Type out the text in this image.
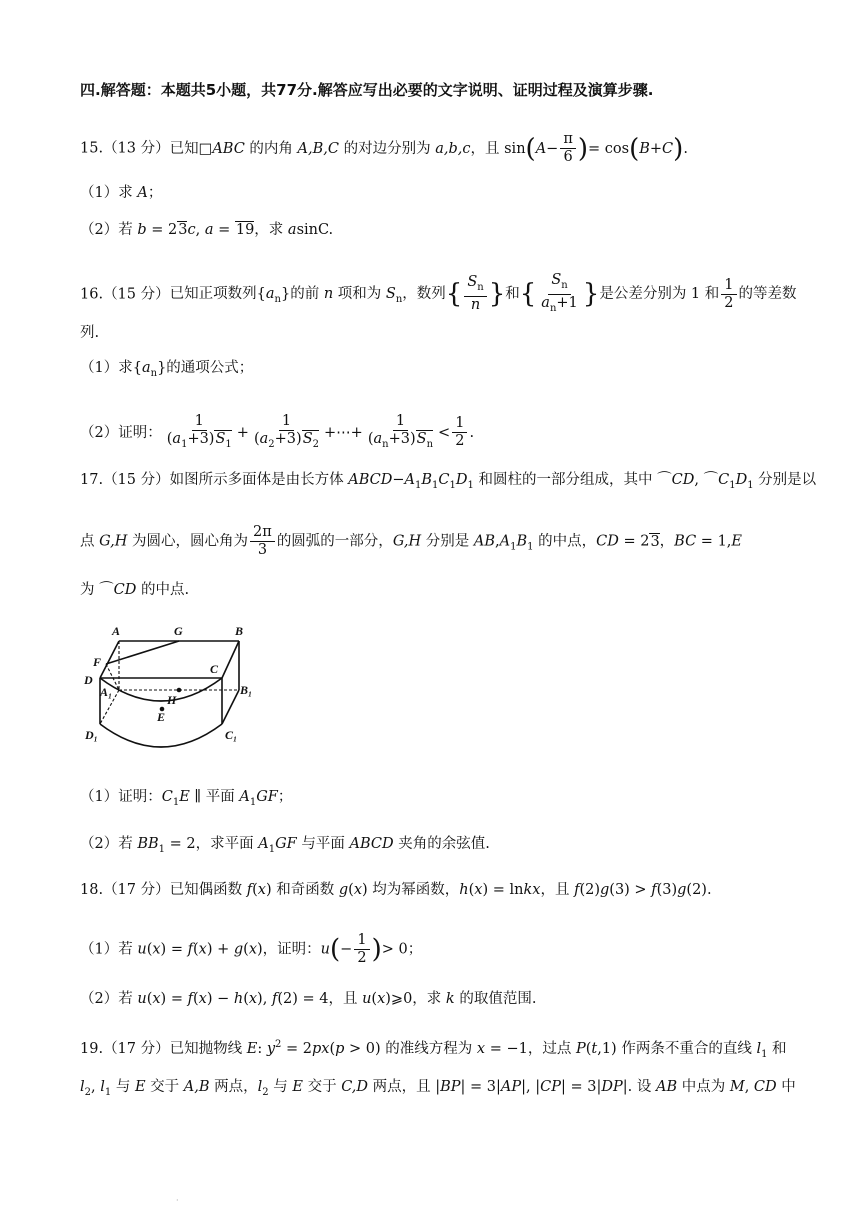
四.解答题：本题共5小题，共77分.解答应写出必要的文字说明、证明过程及演算步骤.
15.（13 分）已知□ABC 的内角 A,B,C 的对边分别为 a,b,c，且 $\sin(A- \frac{\pi}{6}$ )= cos(B+C).
（1）求 A；
（2）若 b = 23c, a = 19，求 asinC.
16.（15 分）已知正项数列$\{a_n\}$的前 n 项和为 $S_n$，数列{ $\frac{S_n}{n}$ }和{ $\frac{S_n}{a_n+1}$ }是公差分别为 1 和 $\frac{1}{2}$ 的等差数
列.
（1）求$\{a_n\}$的通项公式；
（2）证明： $\frac{1}{(a_1+3)S_1} + \frac{1}{(a_2+3)S_2}$ +⋯+ $\frac{1}{(a_n+3)S_n} < \frac{1}{2}$ .
17.（15 分）如图所示多面体是由长方体 $ABCD-A_1B_1C_1D_1$ 和圆柱的一部分组成，其中 ⌒CD, $⌒C_1D_1$ 分别是以
点 G,H 为圆心，圆心角为 $\frac{2\pi}{3}$ 的圆弧的一部分，G,H 分别是 $AB,A_1B_1$ 的中点，CD = 23，BC = 1,E
为 ⌒CD 的中点.
A	G	B
F
D
C
B₁
A₁
H
E
D₁	C₁
（1）证明：$C_1E$ ∥ 平面 $A_1GF$；
（2）若 $BB_1 = 2$，求平面 $A_1GF$ 与平面 ABCD 夹角的余弦值.
18.（17 分）已知偶函数 f(x) 和奇函数 g(x) 均为幂函数，h(x) = lnkx，且 f(2)g(3) > f(3)g(2).
（1）若 u(x) = f(x) + g(x)，证明：$u(- \frac{1}{2}$ )> 0；
（2）若 u(x) = f(x) − h(x), f(2) = 4，且 u(x)⩾0，求 k 的取值范围.
19.（17 分）已知抛物线 E: $y^2 = 2px(p > 0)$ 的准线方程为 x = −1，过点 P(t,1) 作两条不重合的直线 $l_1$ 和
$l_2$, $l_1$ 与 E 交于 A,B 两点，$l_2$ 与 E 交于 C,D 两点，且 |BP| = 3|AP|, |CP| = 3|DP|. 设 AB 中点为 M, CD 中
·
